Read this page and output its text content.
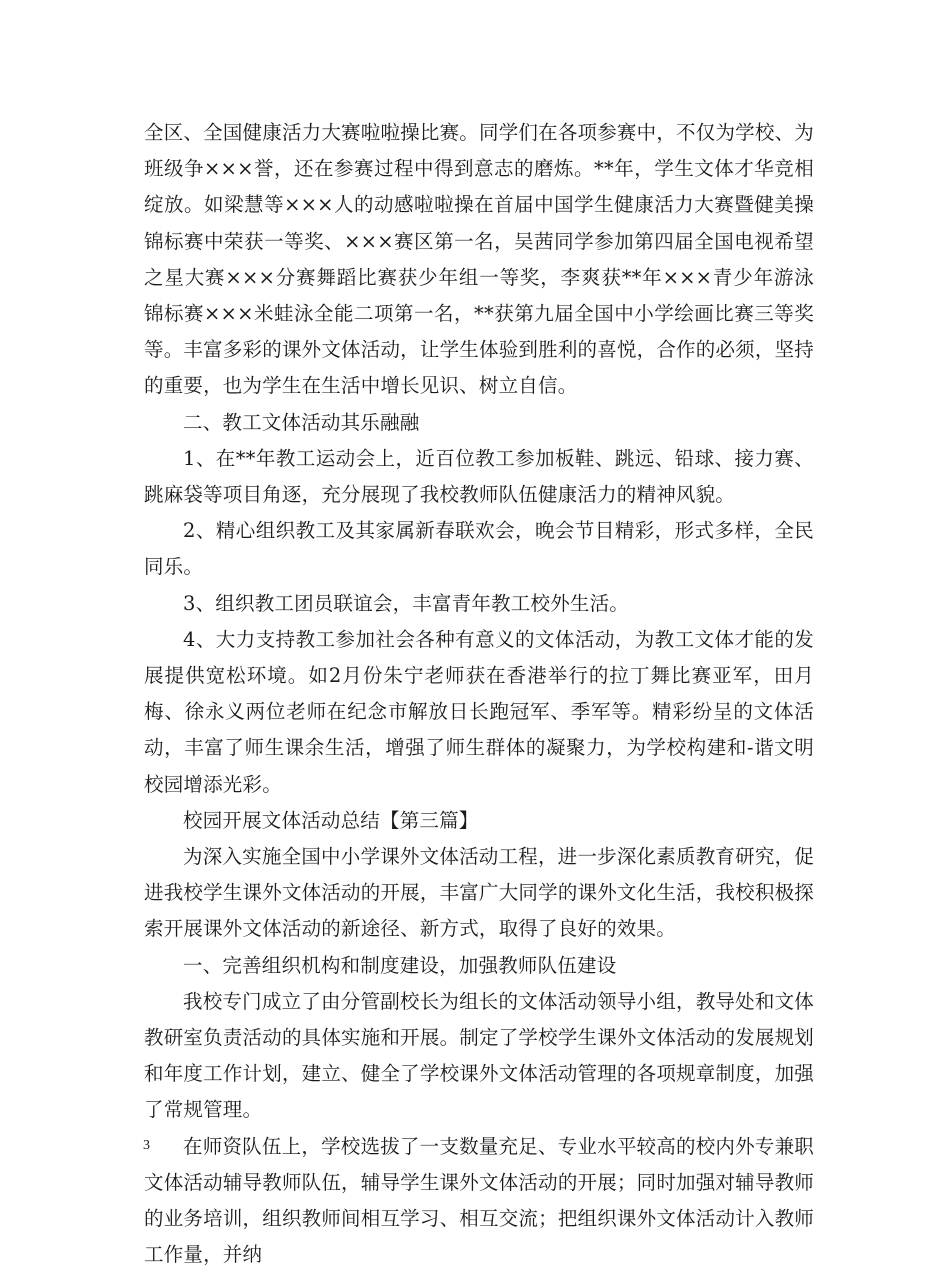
全区、全国健康活力大赛啦啦操比赛。同学们在各项参赛中，不仅为学校、为班级争×××誉，还在参赛过程中得到意志的磨炼。**年，学生文体才华竞相绽放。如梁慧等×××人的动感啦啦操在首届中国学生健康活力大赛暨健美操锦标赛中荣获一等奖、×××赛区第一名，吴茜同学参加第四届全国电视希望之星大赛×××分赛舞蹈比赛获少年组一等奖，李爽获**年×××青少年游泳锦标赛×××米蛙泳全能二项第一名，**获第九届全国中小学绘画比赛三等奖等。丰富多彩的课外文体活动，让学生体验到胜利的喜悦，合作的必须，坚持的重要，也为学生在生活中增长见识、树立自信。

二、教工文体活动其乐融融

1、在**年教工运动会上，近百位教工参加板鞋、跳远、铅球、接力赛、跳麻袋等项目角逐，充分展现了我校教师队伍健康活力的精神风貌。

2、精心组织教工及其家属新春联欢会，晚会节目精彩，形式多样，全民同乐。

3、组织教工团员联谊会，丰富青年教工校外生活。

4、大力支持教工参加社会各种有意义的文体活动，为教工文体才能的发展提供宽松环境。如2月份朱宁老师获在香港举行的拉丁舞比赛亚军，田月梅、徐永义两位老师在纪念市解放日长跑冠军、季军等。精彩纷呈的文体活动，丰富了师生课余生活，增强了师生群体的凝聚力，为学校构建和-谐文明校园增添光彩。

校园开展文体活动总结【第三篇】

为深入实施全国中小学课外文体活动工程，进一步深化素质教育研究，促进我校学生课外文体活动的开展，丰富广大同学的课外文化生活，我校积极探索开展课外文体活动的新途径、新方式，取得了良好的效果。

一、完善组织机构和制度建设，加强教师队伍建设

我校专门成立了由分管副校长为组长的文体活动领导小组，教导处和文体教研室负责活动的具体实施和开展。制定了学校学生课外文体活动的发展规划和年度工作计划，建立、健全了学校课外文体活动管理的各项规章制度，加强了常规管理。

在师资队伍上，学校选拔了一支数量充足、专业水平较高的校内外专兼职文体活动辅导教师队伍，辅导学生课外文体活动的开展；同时加强对辅导教师的业务培训，组织教师间相互学习、相互交流；把组织课外文体活动计入教师工作量，并纳

3
